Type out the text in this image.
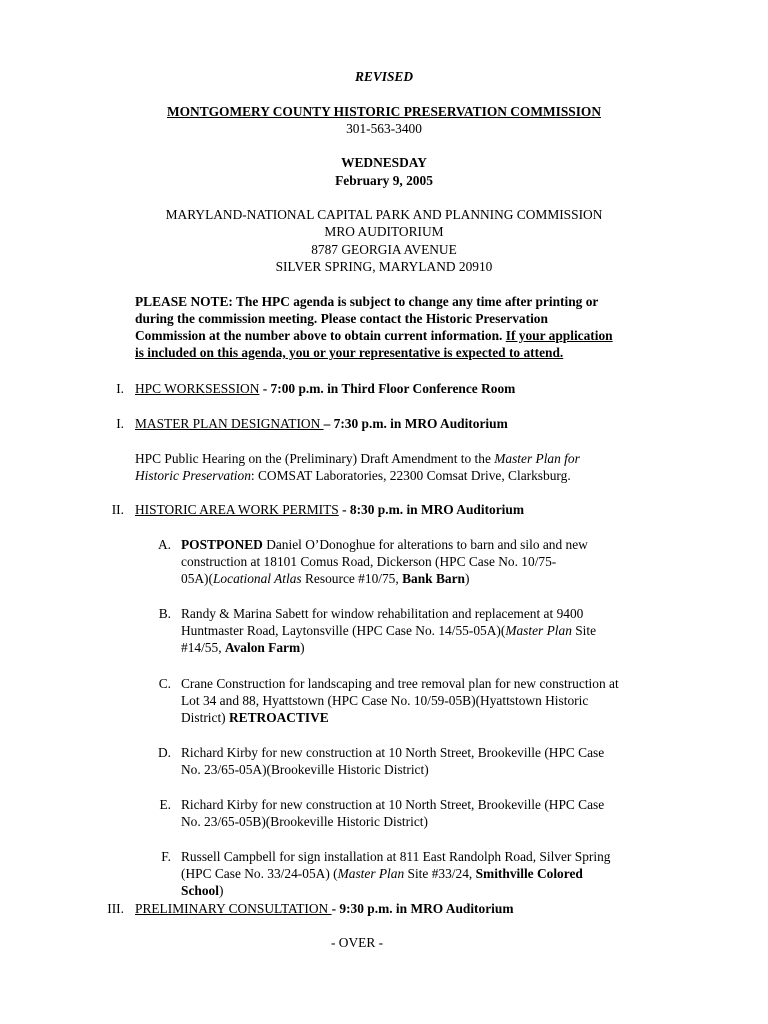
REVISED
MONTGOMERY COUNTY HISTORIC PRESERVATION COMMISSION
301-563-3400
WEDNESDAY
February 9, 2005
MARYLAND-NATIONAL CAPITAL PARK AND PLANNING COMMISSION
MRO AUDITORIUM
8787 GEORGIA AVENUE
SILVER SPRING, MARYLAND 20910
PLEASE NOTE: The HPC agenda is subject to change any time after printing or
during the commission meeting. Please contact the Historic Preservation
Commission at the number above to obtain current information. If your application
is included on this agenda, you or your representative is expected to attend.
I. HPC WORKSESSION - 7:00 p.m. in Third Floor Conference Room
I. MASTER PLAN DESIGNATION – 7:30 p.m. in MRO Auditorium
HPC Public Hearing on the (Preliminary) Draft Amendment to the Master Plan for
Historic Preservation: COMSAT Laboratories, 22300 Comsat Drive, Clarksburg.
II. HISTORIC AREA WORK PERMITS - 8:30 p.m. in MRO Auditorium
A. POSTPONED Daniel O’Donoghue for alterations to barn and silo and new
construction at 18101 Comus Road, Dickerson (HPC Case No. 10/75-
05A)(Locational Atlas Resource #10/75, Bank Barn)
B. Randy & Marina Sabett for window rehabilitation and replacement at 9400
Huntmaster Road, Laytonsville (HPC Case No. 14/55-05A)(Master Plan Site
#14/55, Avalon Farm)
C. Crane Construction for landscaping and tree removal plan for new construction at
Lot 34 and 88, Hyattstown (HPC Case No. 10/59-05B)(Hyattstown Historic
District) RETROACTIVE
D. Richard Kirby for new construction at 10 North Street, Brookeville (HPC Case
No. 23/65-05A)(Brookeville Historic District)
E. Richard Kirby for new construction at 10 North Street, Brookeville (HPC Case
No. 23/65-05B)(Brookeville Historic District)
F. Russell Campbell for sign installation at 811 East Randolph Road, Silver Spring
(HPC Case No. 33/24-05A) (Master Plan Site #33/24, Smithville Colored
School)
III. PRELIMINARY CONSULTATION - 9:30 p.m. in MRO Auditorium
- OVER -
